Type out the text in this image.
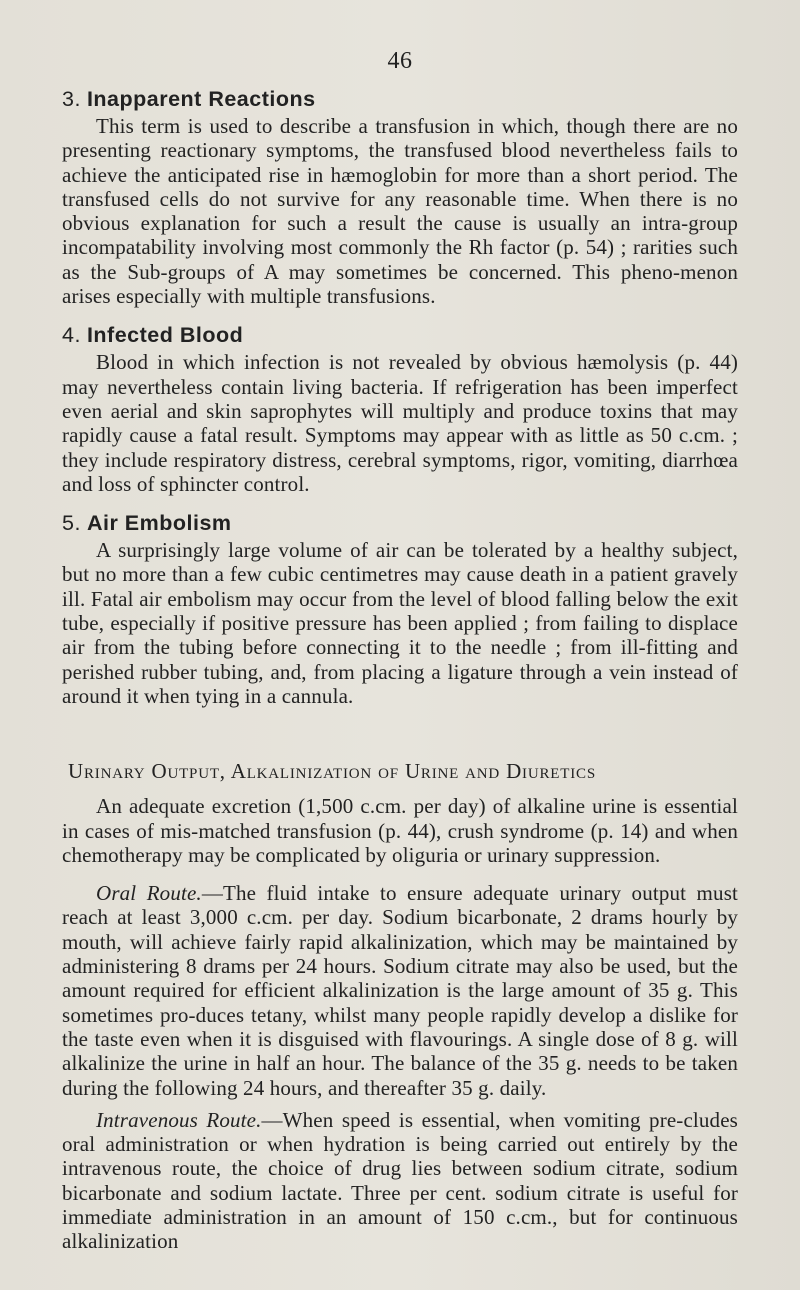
46
3. Inapparent Reactions

This term is used to describe a transfusion in which, though there are no presenting reactionary symptoms, the transfused blood nevertheless fails to achieve the anticipated rise in hæmoglobin for more than a short period. The transfused cells do not survive for any reasonable time. When there is no obvious explanation for such a result the cause is usually an intra-group incompatability involving most commonly the Rh factor (p. 54) ; rarities such as the Sub-groups of A may sometimes be concerned. This pheno-menon arises especially with multiple transfusions.

4. Infected Blood

Blood in which infection is not revealed by obvious hæmolysis (p. 44) may nevertheless contain living bacteria. If refrigeration has been imperfect even aerial and skin saprophytes will multiply and produce toxins that may rapidly cause a fatal result. Symptoms may appear with as little as 50 c.cm. ; they include respiratory distress, cerebral symptoms, rigor, vomiting, diarrhœa and loss of sphincter control.

5. Air Embolism

A surprisingly large volume of air can be tolerated by a healthy subject, but no more than a few cubic centimetres may cause death in a patient gravely ill. Fatal air embolism may occur from the level of blood falling below the exit tube, especially if positive pressure has been applied ; from failing to displace air from the tubing before connecting it to the needle ; from ill-fitting and perished rubber tubing, and, from placing a ligature through a vein instead of around it when tying in a cannula.

Urinary Output, Alkalinization of Urine and Diuretics

An adequate excretion (1,500 c.cm. per day) of alkaline urine is essential in cases of mis-matched transfusion (p. 44), crush syndrome (p. 14) and when chemotherapy may be complicated by oliguria or urinary suppression.

Oral Route.—The fluid intake to ensure adequate urinary output must reach at least 3,000 c.cm. per day. Sodium bicarbonate, 2 drams hourly by mouth, will achieve fairly rapid alkalinization, which may be maintained by administering 8 drams per 24 hours. Sodium citrate may also be used, but the amount required for efficient alkalinization is the large amount of 35 g. This sometimes pro-duces tetany, whilst many people rapidly develop a dislike for the taste even when it is disguised with flavourings. A single dose of 8 g. will alkalinize the urine in half an hour. The balance of the 35 g. needs to be taken during the following 24 hours, and thereafter 35 g. daily.

Intravenous Route.—When speed is essential, when vomiting pre-cludes oral administration or when hydration is being carried out entirely by the intravenous route, the choice of drug lies between sodium citrate, sodium bicarbonate and sodium lactate. Three per cent. sodium citrate is useful for immediate administration in an amount of 150 c.cm., but for continuous alkalinization
